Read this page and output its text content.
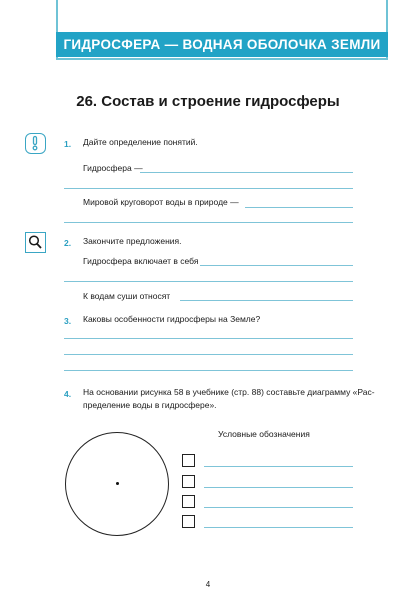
ГИДРОСФЕРА — ВОДНАЯ ОБОЛОЧКА ЗЕМЛИ
26. Состав и строение гидросферы
1. Дайте определение понятий.
Гидросфера —
Мировой круговорот воды в природе —
2. Закончите предложения.
Гидросфера включает в себя
К водам суши относят
3. Каковы особенности гидросферы на Земле?
4. На основании рисунка 58 в учебнике (стр. 88) составьте диаграмму «Рас-
пределение воды в гидросфере».
Условные обозначения
4
